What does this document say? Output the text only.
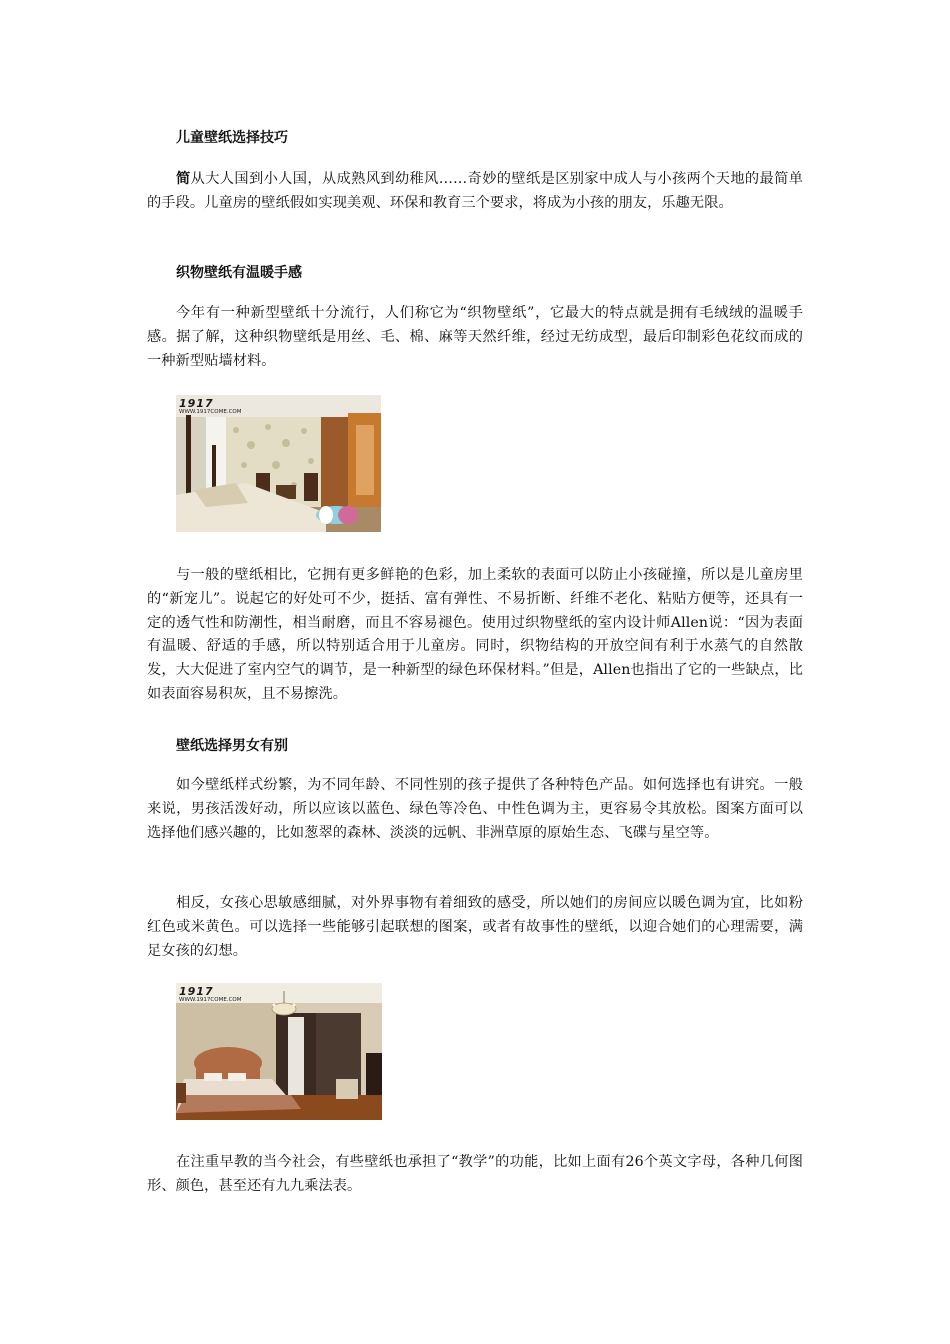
儿童壁纸选择技巧

简从大人国到小人国，从成熟风到幼稚风……奇妙的壁纸是区别家中成人与小孩两个天地的最简单的手段。儿童房的壁纸假如实现美观、环保和教育三个要求，将成为小孩的朋友，乐趣无限。

织物壁纸有温暖手感

今年有一种新型壁纸十分流行，人们称它为“织物壁纸”，它最大的特点就是拥有毛绒绒的温暖手感。据了解，这种织物壁纸是用丝、毛、棉、麻等天然纤维，经过无纺成型，最后印制彩色花纹而成的一种新型贴墙材料。

1917
WWW.1917COME.COM

与一般的壁纸相比，它拥有更多鲜艳的色彩，加上柔软的表面可以防止小孩碰撞，所以是儿童房里的“新宠儿”。说起它的好处可不少，挺括、富有弹性、不易折断、纤维不老化、粘贴方便等，还具有一定的透气性和防潮性，相当耐磨，而且不容易褪色。使用过织物壁纸的室内设计师Allen说：“因为表面有温暖、舒适的手感，所以特别适合用于儿童房。同时，织物结构的开放空间有利于水蒸气的自然散发，大大促进了室内空气的调节，是一种新型的绿色环保材料。”但是，Allen也指出了它的一些缺点，比如表面容易积灰，且不易擦洗。

壁纸选择男女有别

如今壁纸样式纷繁，为不同年龄、不同性别的孩子提供了各种特色产品。如何选择也有讲究。一般来说，男孩活泼好动，所以应该以蓝色、绿色等冷色、中性色调为主，更容易令其放松。图案方面可以选择他们感兴趣的，比如葱翠的森林、淡淡的远帆、非洲草原的原始生态、飞碟与星空等。

相反，女孩心思敏感细腻，对外界事物有着细致的感受，所以她们的房间应以暖色调为宜，比如粉红色或米黄色。可以选择一些能够引起联想的图案，或者有故事性的壁纸，以迎合她们的心理需要，满足女孩的幻想。

1917
WWW.1917COME.COM

在注重早教的当今社会，有些壁纸也承担了“教学”的功能，比如上面有26个英文字母，各种几何图形、颜色，甚至还有九九乘法表。
